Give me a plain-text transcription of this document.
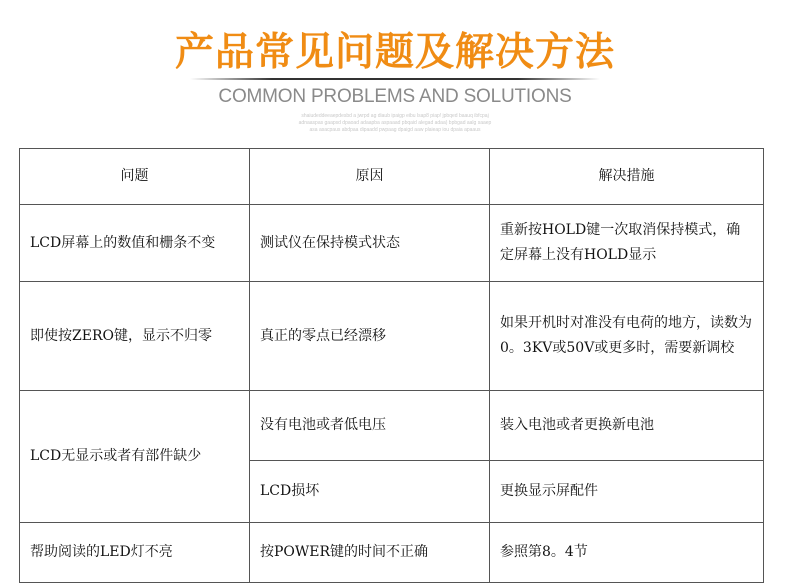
产品常见问题及解决方法
COMMON PROBLEMS AND SOLUTIONS
shaiudeddeeaepdesbd a jwrpd ag diaub ipaigp eibu lsap8 piap! jpbqed baauq ibfcpaj
adnaaspas gaapsd dpaoad adaapba aspaaad pbqaid alegad adaa) bpbgad aalg saaep
asa asacpaus abdpaa dipaadd pwpaag dpaigd aaw plaieap iou dpaia apaaus
问题	原因	解决措施
LCD屏幕上的数值和栅条不变	测试仪在保持模式状态	重新按HOLD键一次取消保持模式，确定屏幕上没有HOLD显示
即使按ZERO键，显示不归零	真正的零点已经漂移	如果开机时对准没有电荷的地方，读数为0。3KV或50V或更多时，需要新调校
LCD无显示或者有部件缺少	没有电池或者低电压	装入电池或者更换新电池
	LCD损坏	更换显示屏配件
帮助阅读的LED灯不亮	按POWER键的时间不正确	参照第8。4节
